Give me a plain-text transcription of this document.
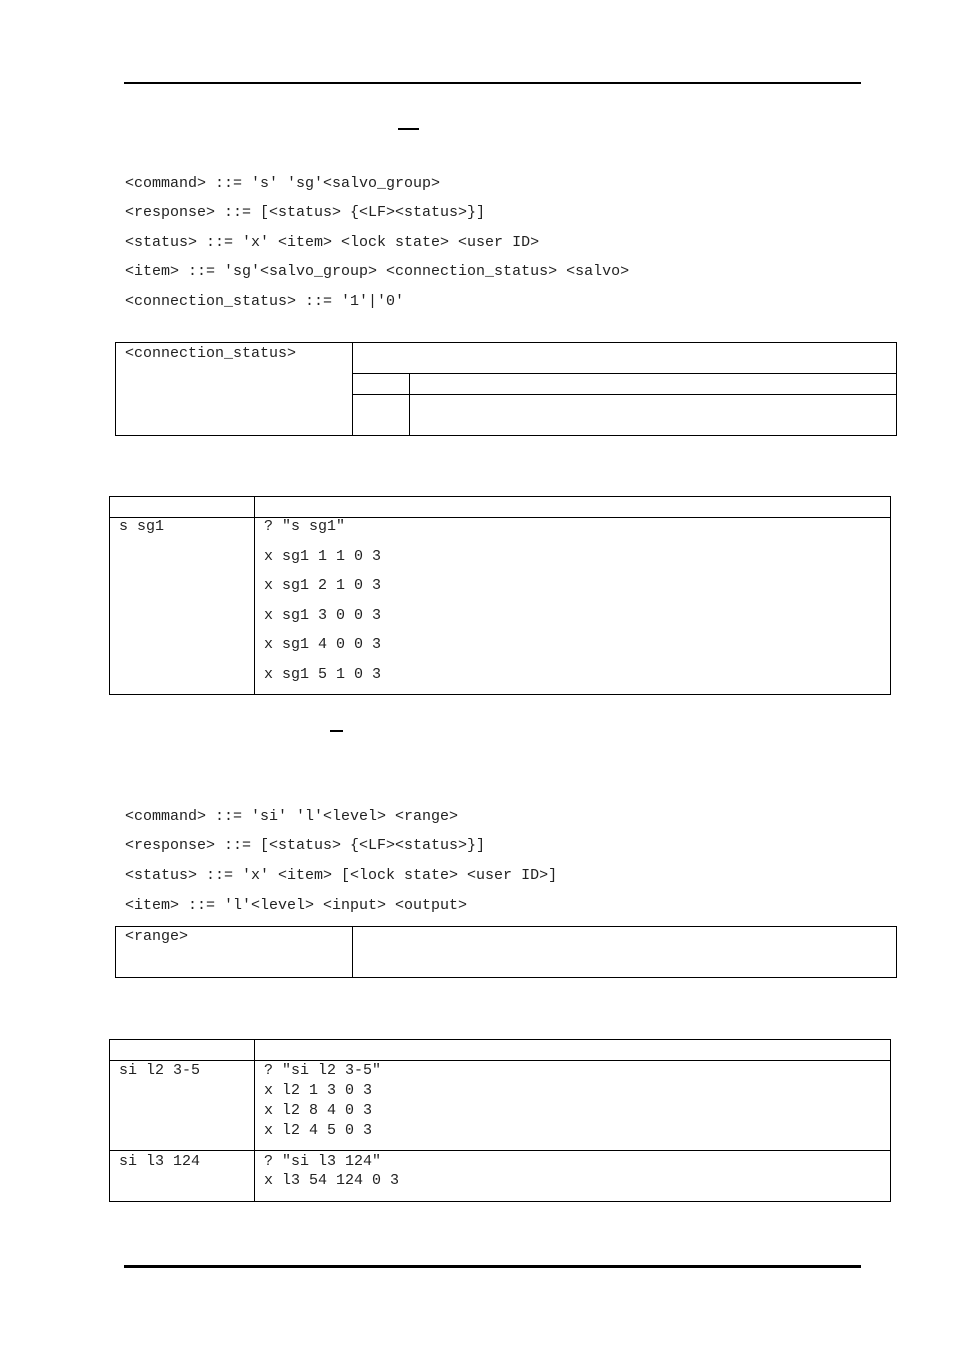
<command> ::= 's' 'sg'<salvo_group>
<response> ::= [<status> {<LF><status>}]
<status> ::= 'x' <item> <lock state> <user ID>
<item> ::= 'sg'<salvo_group> <connection_status> <salvo>
<connection_status> ::= '1'|'0'
<connection_status>
s sg1	? "s sg1"
x sg1 1 1 0 3
x sg1 2 1 0 3
x sg1 3 0 0 3
x sg1 4 0 0 3
x sg1 5 1 0 3
<command> ::= 'si' 'l'<level> <range>
<response> ::= [<status> {<LF><status>}]
<status> ::= 'x' <item> [<lock state> <user ID>]
<item> ::= 'l'<level> <input> <output>
<range>
si l2 3-5	? "si l2 3-5"
x l2 1 3 0 3
x l2 8 4 0 3
x l2 4 5 0 3
si l3 124	? "si l3 124"
x l3 54 124 0 3
